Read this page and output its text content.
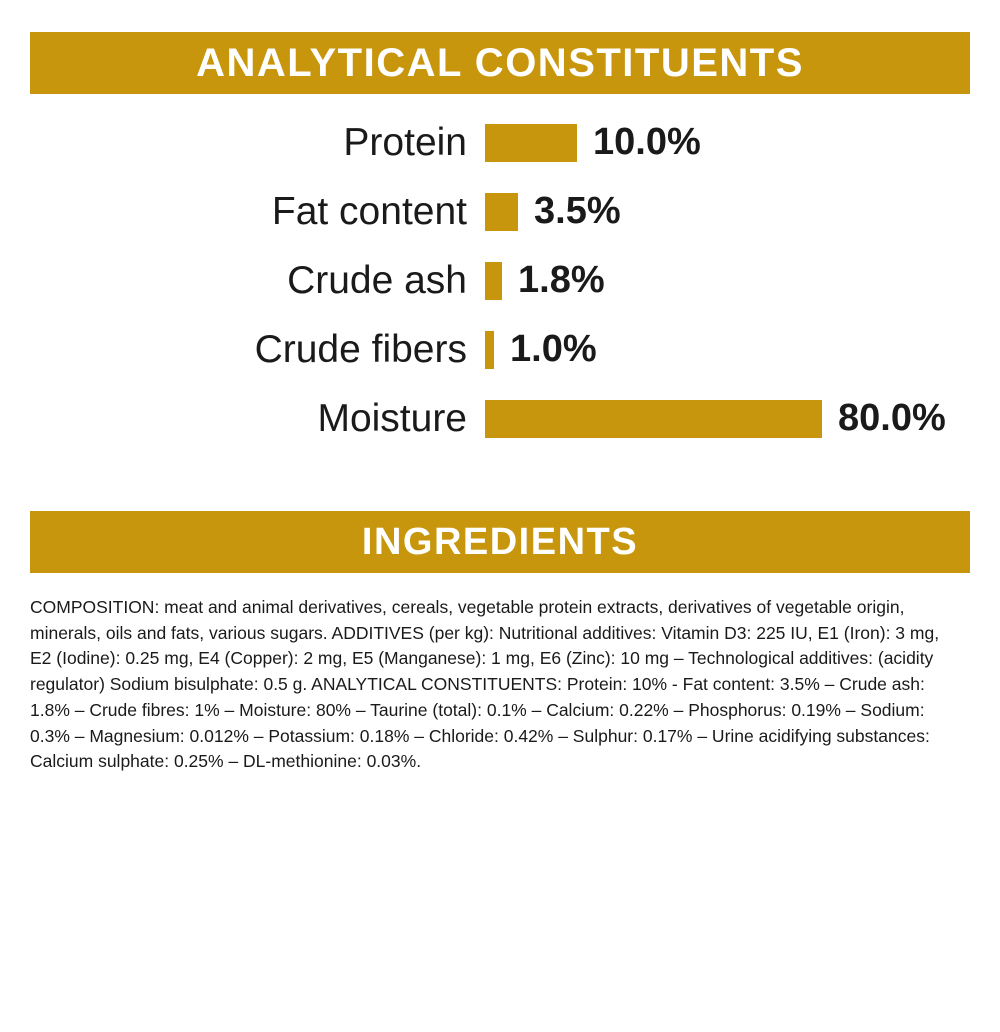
ANALYTICAL CONSTITUENTS
Protein	10.0%
Fat content	3.5%
Crude ash	1.8%
Crude fibers	1.0%
Moisture	80.0%
INGREDIENTS
COMPOSITION: meat and animal derivatives, cereals, vegetable protein extracts, derivatives of vegetable origin, minerals, oils and fats, various sugars. ADDITIVES (per kg): Nutritional additives: Vitamin D3: 225 IU, E1 (Iron): 3 mg, E2 (Iodine): 0.25 mg, E4 (Copper): 2 mg, E5 (Manganese): 1 mg, E6 (Zinc): 10 mg – Technological additives: (acidity regulator) Sodium bisulphate: 0.5 g. ANALYTICAL CONSTITUENTS: Protein: 10% - Fat content: 3.5% – Crude ash: 1.8% – Crude fibres: 1% – Moisture: 80% – Taurine (total): 0.1% – Calcium: 0.22% – Phosphorus: 0.19% – Sodium: 0.3% – Magnesium: 0.012% – Potassium: 0.18% – Chloride: 0.42% – Sulphur: 0.17% – Urine acidifying substances: Calcium sulphate: 0.25% – DL-methionine: 0.03%.
